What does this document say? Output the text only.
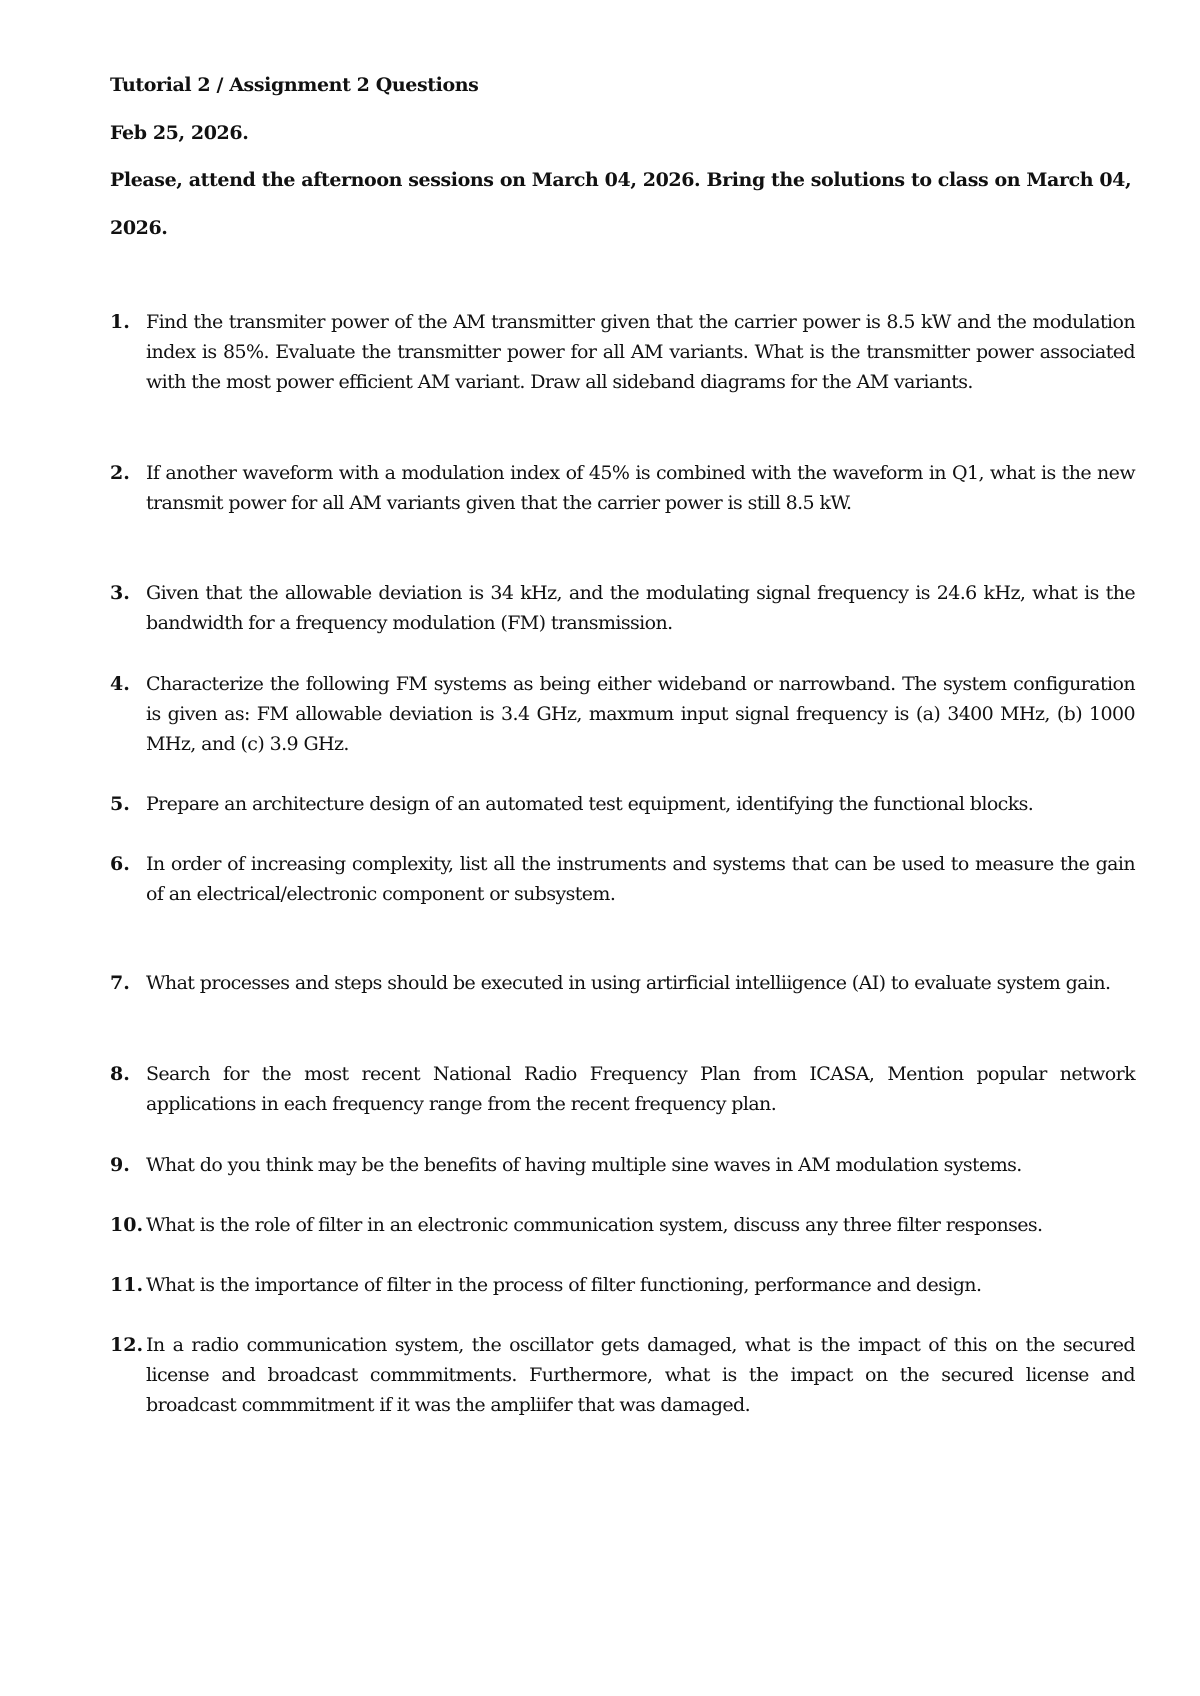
Tutorial 2 / Assignment 2 Questions
Feb 25, 2026.
Please, attend the afternoon sessions on March 04, 2026. Bring the solutions to class on March 04,
2026.
1. Find the transmiter power of the AM transmitter given that the carrier power is 8.5 kW and the modulation index is 85%. Evaluate the transmitter power for all AM variants. What is the transmitter power associated with the most power efficient AM variant. Draw all sideband diagrams for the AM variants.
2. If another waveform with a modulation index of 45% is combined with the waveform in Q1, what is the new transmit power for all AM variants given that the carrier power is still 8.5 kW.
3. Given that the allowable deviation is 34 kHz, and the modulating signal frequency is 24.6 kHz, what is the bandwidth for a frequency modulation (FM) transmission.
4. Characterize the following FM systems as being either wideband or narrowband. The system configuration is given as: FM allowable deviation is 3.4 GHz, maxmum input signal frequency is (a) 3400 MHz, (b) 1000 MHz, and (c) 3.9 GHz.
5. Prepare an architecture design of an automated test equipment, identifying the functional blocks.
6. In order of increasing complexity, list all the instruments and systems that can be used to measure the gain of an electrical/electronic component or subsystem.
7. What processes and steps should be executed in using artirficial intelliigence (AI) to evaluate system gain.
8. Search for the most recent National Radio Frequency Plan from ICASA, Mention popular network applications in each frequency range from the recent frequency plan.
9. What do you think may be the benefits of having multiple sine waves in AM modulation systems.
10. What is the role of filter in an electronic communication system, discuss any three filter responses.
11. What is the importance of filter in the process of filter functioning, performance and design.
12. In a radio communication system, the oscillator gets damaged, what is the impact of this on the secured license and broadcast commmitments. Furthermore, what is the impact on the secured license and broadcast commmitment if it was the ampliifer that was damaged.
